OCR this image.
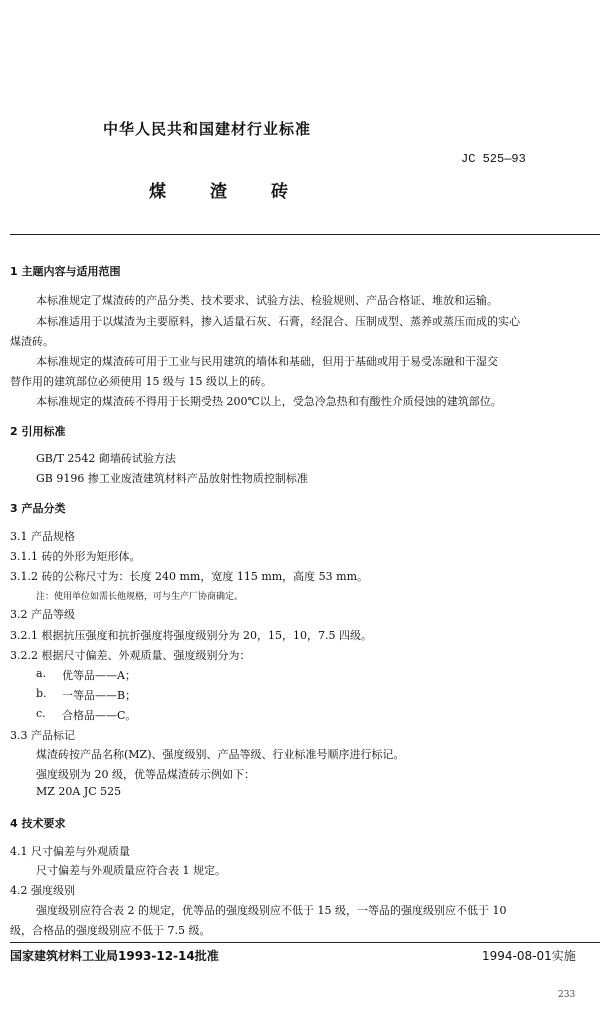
中华人民共和国建材行业标准
JC 525—93
煤	渣	砖
1 主题内容与适用范围
本标准规定了煤渣砖的产品分类、技术要求、试验方法、检验规则、产品合格证、堆放和运输。
本标准适用于以煤渣为主要原料，掺入适量石灰、石膏，经混合、压制成型、蒸养或蒸压而成的实心
煤渣砖。
本标准规定的煤渣砖可用于工业与民用建筑的墙体和基础，但用于基础或用于易受冻融和干湿交
替作用的建筑部位必须使用 15 级与 15 级以上的砖。
本标准规定的煤渣砖不得用于长期受热 200℃以上，受急冷急热和有酸性介质侵蚀的建筑部位。
2 引用标准
GB/T 2542 砌墙砖试验方法
GB 9196 掺工业废渣建筑材料产品放射性物质控制标准
3 产品分类
3.1 产品规格
3.1.1 砖的外形为矩形体。
3.1.2 砖的公称尺寸为：长度 240 mm，宽度 115 mm，高度 53 mm。
注：使用单位如需长他规格，可与生产厂协商确定。
3.2 产品等级
3.2.1 根据抗压强度和抗折强度将强度级别分为 20，15，10，7.5 四级。
3.2.2 根据尺寸偏差、外观质量、强度级别分为：
a. 优等品——A；
b. 一等品——B；
c. 合格品——C。
3.3 产品标记
煤渣砖按产品名称(MZ)、强度级别、产品等级、行业标准号顺序进行标记。
强度级别为 20 级，优等品煤渣砖示例如下：
MZ 20A JC 525
4 技术要求
4.1 尺寸偏差与外观质量
尺寸偏差与外观质量应符合表 1 规定。
4.2 强度级别
强度级别应符合表 2 的规定，优等品的强度级别应不低于 15 级，一等品的强度级别应不低于 10
级，合格品的强度级别应不低于 7.5 级。
国家建筑材料工业局1993-12-14批准	1994-08-01实施
233
